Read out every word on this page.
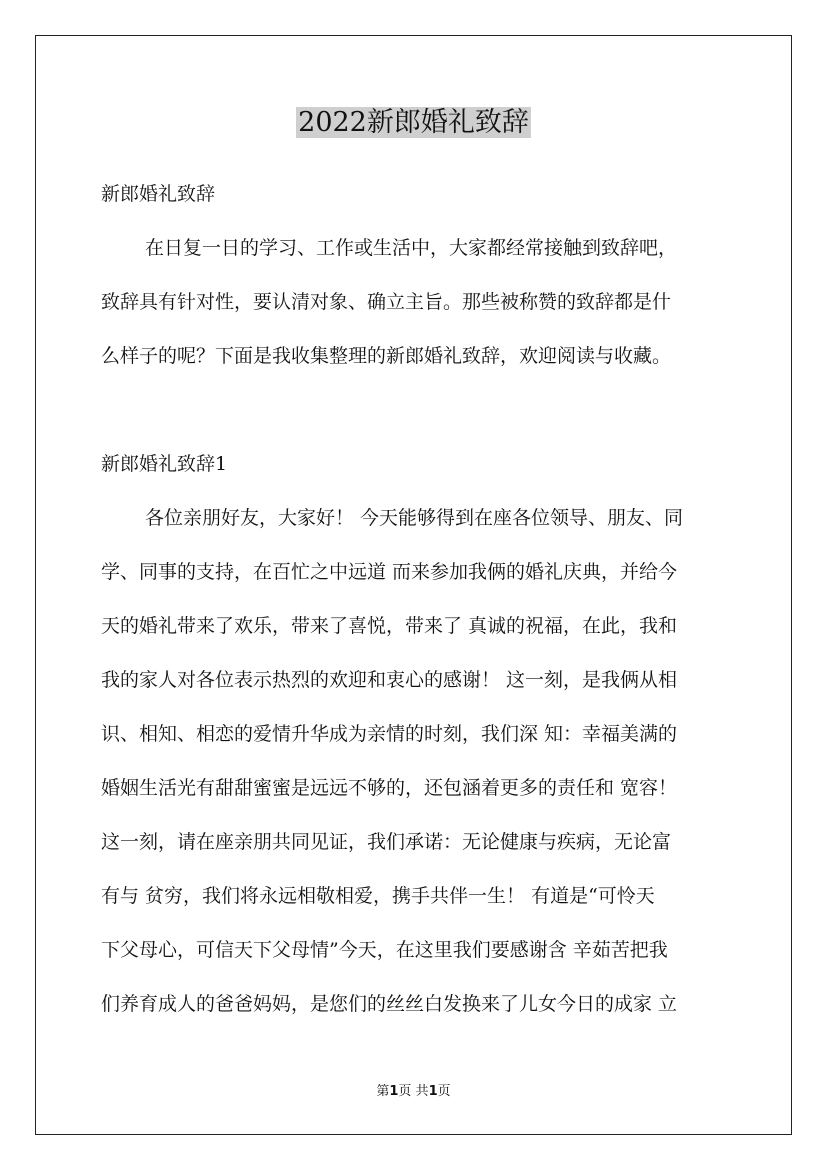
2022新郎婚礼致辞

新郎婚礼致辞

在日复一日的学习、工作或生活中，大家都经常接触到致辞吧，

致辞具有针对性，要认清对象、确立主旨。那些被称赞的致辞都是什

么样子的呢？下面是我收集整理的新郎婚礼致辞，欢迎阅读与收藏。

新郎婚礼致辞1

各位亲朋好友，大家好！ 今天能够得到在座各位领导、朋友、同

学、同事的支持，在百忙之中远道 而来参加我俩的婚礼庆典，并给今

天的婚礼带来了欢乐，带来了喜悦，带来了 真诚的祝福，在此，我和

我的家人对各位表示热烈的欢迎和衷心的感谢！ 这一刻，是我俩从相

识、相知、相恋的爱情升华成为亲情的时刻，我们深 知：幸福美满的

婚姻生活光有甜甜蜜蜜是远远不够的，还包涵着更多的责任和 宽容！

这一刻，请在座亲朋共同见证，我们承诺：无论健康与疾病，无论富

有与 贫穷，我们将永远相敬相爱，携手共伴一生！ 有道是“可怜天

下父母心，可信天下父母情”今天，在这里我们要感谢含 辛茹苦把我

们养育成人的爸爸妈妈，是您们的丝丝白发换来了儿女今日的成家 立

第1页 共1页
